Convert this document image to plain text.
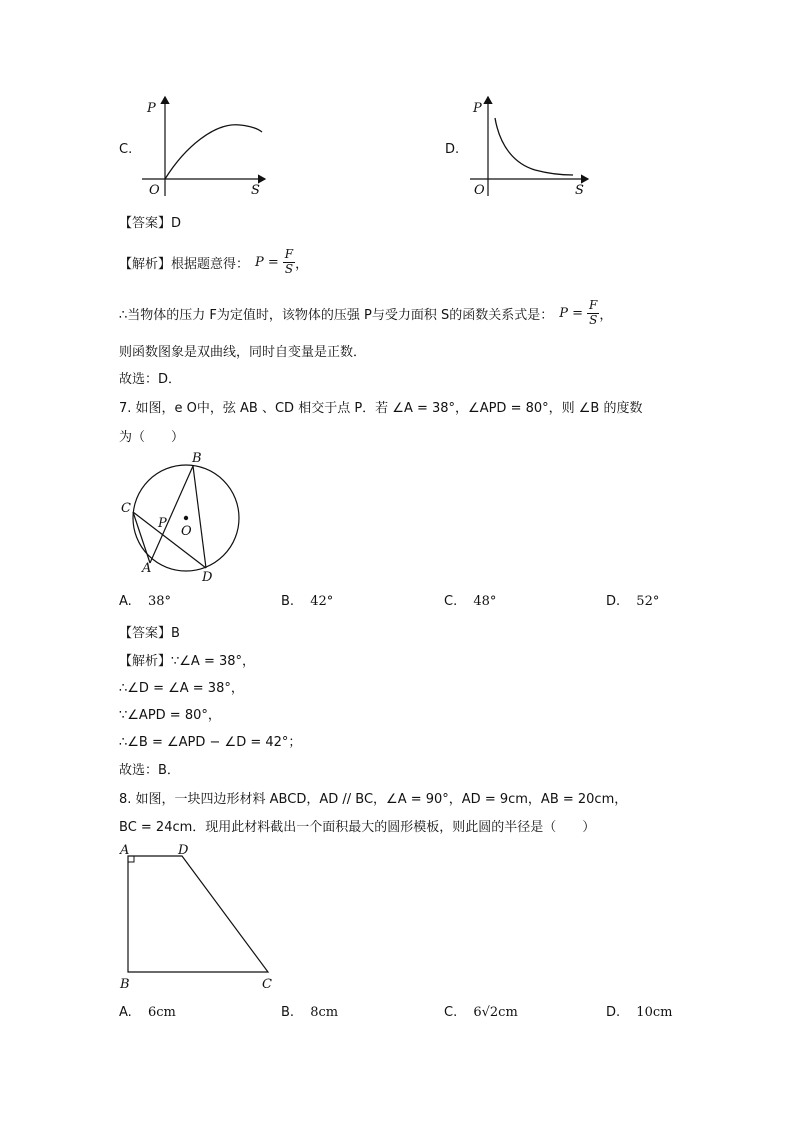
C.
P
S
O
D.
P
S
O
【答案】D
【解析】根据题意得： $P = \frac{F}{S}$ ，
∴当物体的压力 F为定值时，该物体的压强 P与受力面积 S的函数关系式是： $P = \frac{F}{S}$ ，
则函数图象是双曲线，同时自变量是正数．
故选：D．
7. 如图，e O中，弦 AB 、CD 相交于点 P．若 ∠A = 38°，∠APD = 80°，则 ∠B 的度数
为（　　）
B
C
P
O
A
D
A. 38°	B. 42°	C. 48°	D. 52°
【答案】B
【解析】∵∠A = 38°，
∴∠D = ∠A = 38°，
∵∠APD = 80°，
∴∠B = ∠APD − ∠D = 42°；
故选：B．
8. 如图，一块四边形材料 ABCD，AD // BC，∠A = 90°，AD = 9cm，AB = 20cm，
BC = 24cm．现用此材料截出一个面积最大的圆形模板，则此圆的半径是（　　）
A	D
B	C
A. 6cm	B. 8cm	C. 6√2cm	D. 10cm
